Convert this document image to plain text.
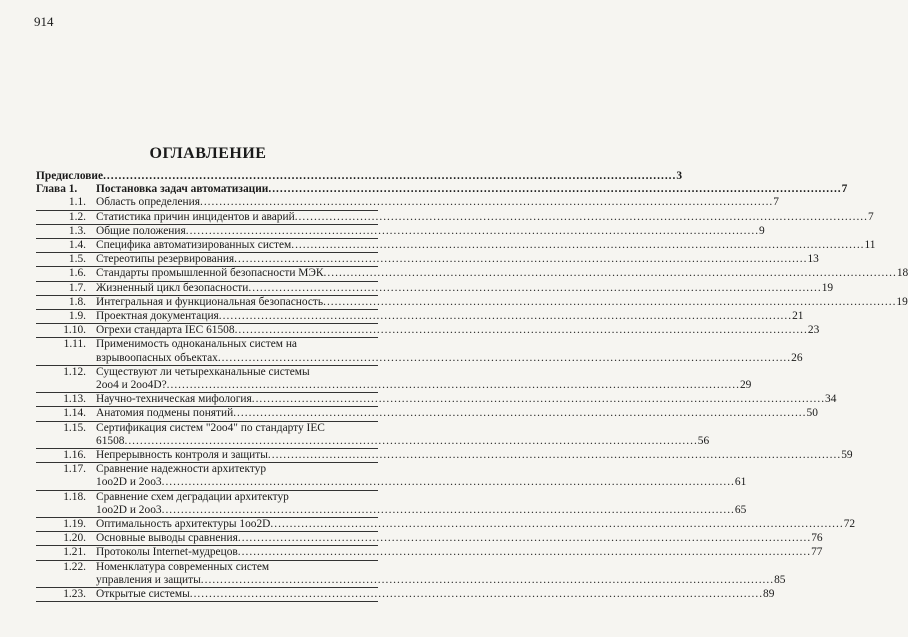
914
ОГЛАВЛЕНИЕ
Предисловие .....	3
Глава 1.	Постановка задач автоматизации .....	7
1.1. Область определения .....	7
1.2. Статистика причин инцидентов и аварий .....	7
1.3. Общие положения .....	9
1.4. Специфика автоматизированных систем .....	11
1.5. Стереотипы резервирования .....	13
1.6. Стандарты промышленной безопасности МЭК .....	18
1.7. Жизненный цикл безопасности .....	19
1.8. Интегральная и функциональная безопасность .....	19
1.9. Проектная документация .....	21
1.10. Огрехи стандарта IEC 61508 .....	23
1.11. Применимость одноканальных систем на
взрывоопасных объектах .....	26
1.12. Существуют ли четырехканальные системы
2oo4 и 2oo4D? .....	29
1.13. Научно-техническая мифология .....	34
1.14. Анатомия подмены понятий .....	50
1.15. Сертификация систем "2oo4" по стандарту IEC
61508 .....	56
1.16. Непрерывность контроля и защиты .....	59
1.17. Сравнение надежности архитектур
1oo2D и 2oo3 .....	61
1.18. Сравнение схем деградации архитектур
1oo2D и 2oo3 .....	65
1.19. Оптимальность архитектуры 1oo2D .....	72
1.20. Основные выводы сравнения .....	76
1.21. Протоколы Internet-мудрецов .....	77
1.22. Номенклатура современных систем
управления и защиты .....	85
1.23. Открытые системы .....	89
